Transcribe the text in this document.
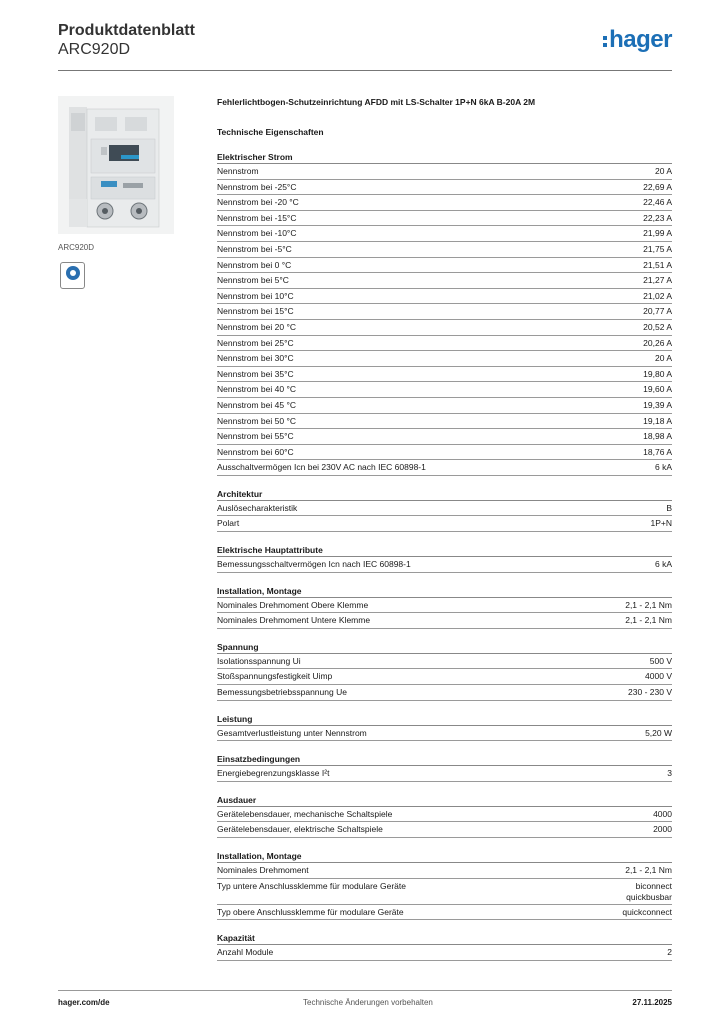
Produktdatenblatt
ARC920D	hager
ARC920D

Fehlerlichtbogen-Schutzeinrichtung AFDD mit LS-Schalter 1P+N 6kA B-20A 2M
Technische Eigenschaften
Elektrischer Strom
Nennstrom	20 A
Nennstrom bei -25°C	22,69 A
Nennstrom bei -20 °C	22,46 A
Nennstrom bei -15°C	22,23 A
Nennstrom bei -10°C	21,99 A
Nennstrom bei -5°C	21,75 A
Nennstrom bei 0 °C	21,51 A
Nennstrom bei 5°C	21,27 A
Nennstrom bei 10°C	21,02 A
Nennstrom bei 15°C	20,77 A
Nennstrom bei 20 °C	20,52 A
Nennstrom bei 25°C	20,26 A
Nennstrom bei 30°C	20 A
Nennstrom bei 35°C	19,80 A
Nennstrom bei 40 °C	19,60 A
Nennstrom bei 45 °C	19,39 A
Nennstrom bei 50 °C	19,18 A
Nennstrom bei 55°C	18,98 A
Nennstrom bei 60°C	18,76 A
Ausschaltvermögen Icn bei 230V AC nach IEC 60898-1	6 kA
Architektur
Auslösecharakteristik	B
Polart	1P+N
Elektrische Hauptattribute
Bemessungsschaltvermögen Icn nach IEC 60898-1	6 kA
Installation, Montage
Nominales Drehmoment Obere Klemme	2,1 - 2,1 Nm
Nominales Drehmoment Untere Klemme	2,1 - 2,1 Nm
Spannung
Isolationsspannung Ui	500 V
Stoßspannungsfestigkeit Uimp	4000 V
Bemessungsbetriebsspannung Ue	230 - 230 V
Leistung
Gesamtverlustleistung unter Nennstrom	5,20 W
Einsatzbedingungen
Energiebegrenzungsklasse I²t	3
Ausdauer
Gerätelebensdauer, mechanische Schaltspiele	4000
Gerätelebensdauer, elektrische Schaltspiele	2000
Installation, Montage
Nominales Drehmoment	2,1 - 2,1 Nm
Typ untere Anschlussklemme für modulare Geräte	biconnect
quickbusbar
Typ obere Anschlussklemme für modulare Geräte	quickconnect
Kapazität
Anzahl Module	2
hager.com/de	Technische Änderungen vorbehalten	27.11.2025
